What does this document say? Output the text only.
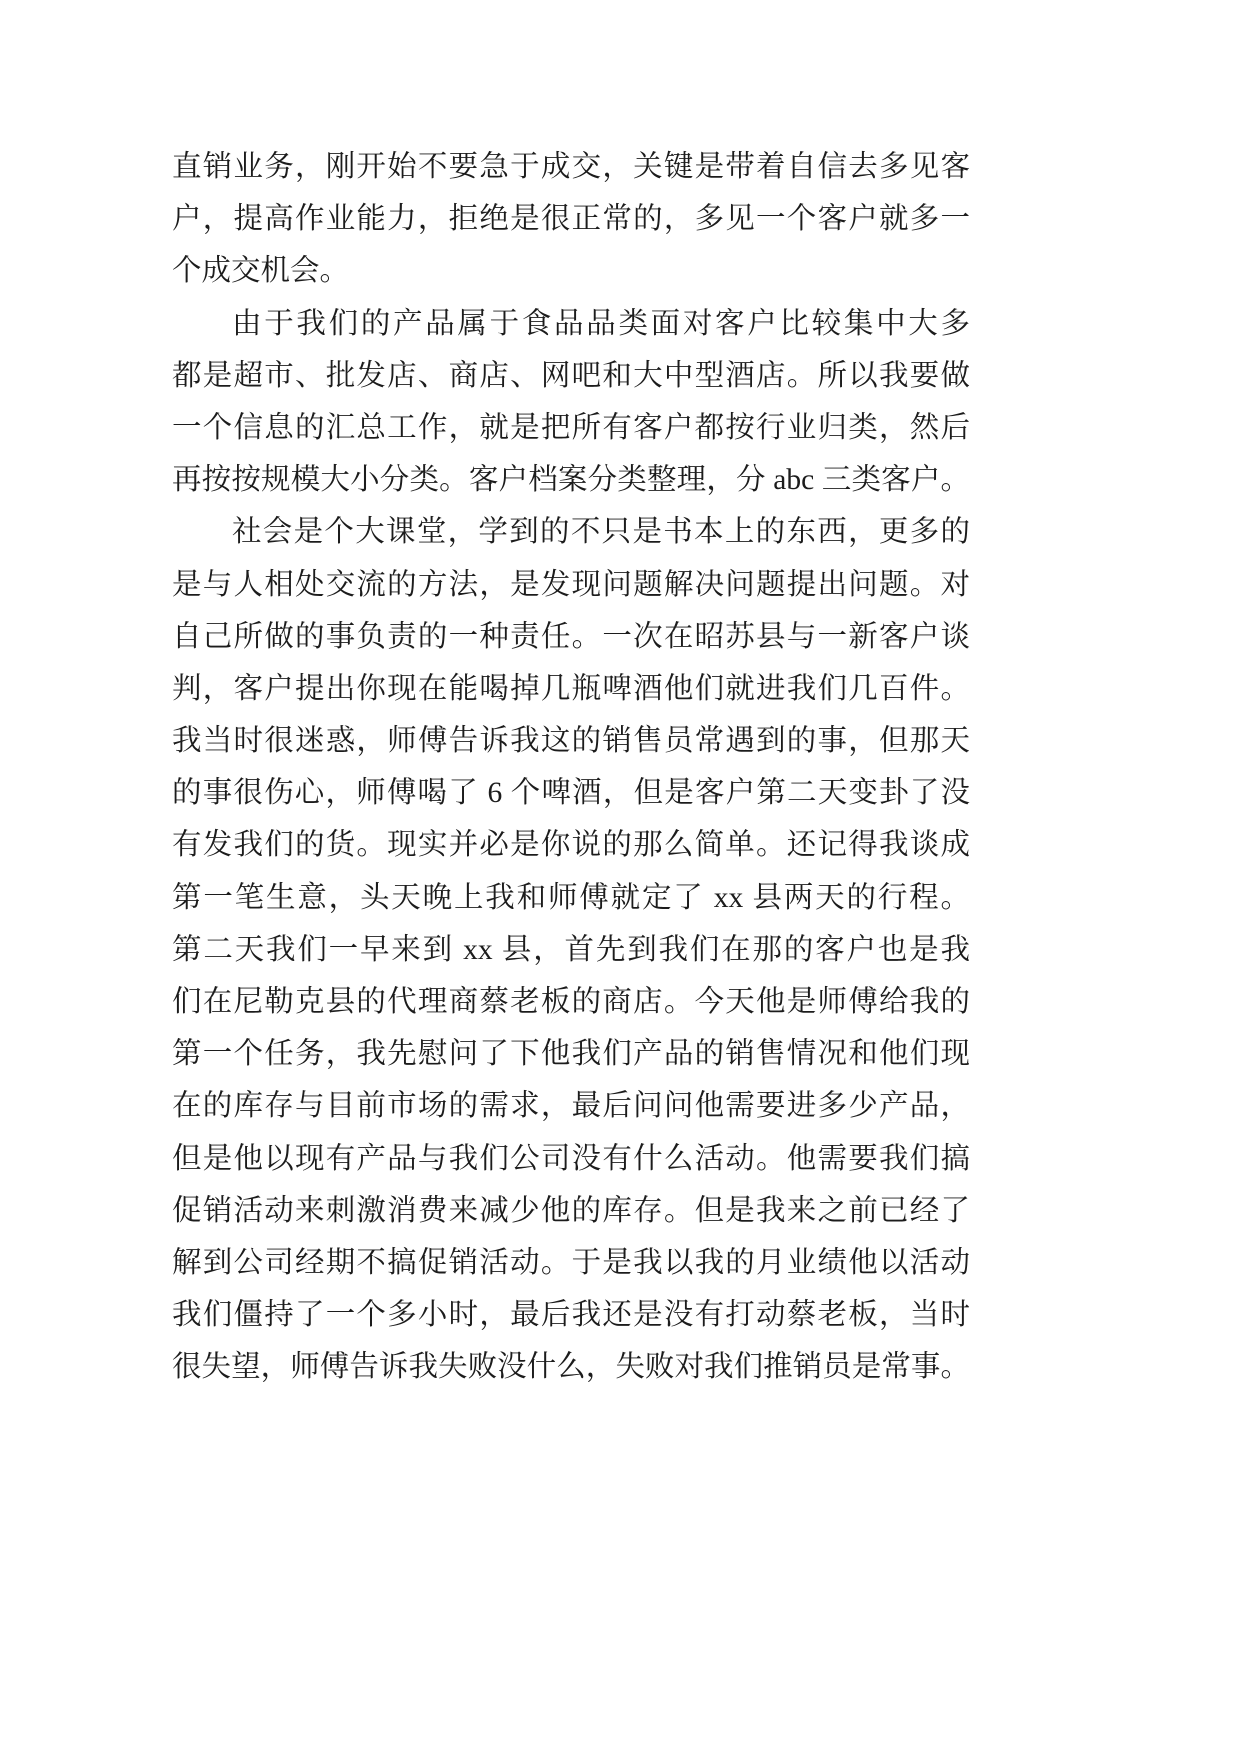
直销业务，刚开始不要急于成交，关键是带着自信去多见客
户，提高作业能力，拒绝是很正常的，多见一个客户就多一
个成交机会。
由于我们的产品属于食品品类面对客户比较集中大多
都是超市、批发店、商店、网吧和大中型酒店。所以我要做
一个信息的汇总工作，就是把所有客户都按行业归类，然后
再按按规模大小分类。客户档案分类整理，分 abc 三类客户。
社会是个大课堂，学到的不只是书本上的东西，更多的
是与人相处交流的方法，是发现问题解决问题提出问题。对
自己所做的事负责的一种责任。一次在昭苏县与一新客户谈
判，客户提出你现在能喝掉几瓶啤酒他们就进我们几百件。
我当时很迷惑，师傅告诉我这的销售员常遇到的事，但那天
的事很伤心，师傅喝了 6 个啤酒，但是客户第二天变卦了没
有发我们的货。现实并必是你说的那么简单。还记得我谈成
第一笔生意，头天晚上我和师傅就定了 xx 县两天的行程。
第二天我们一早来到 xx 县，首先到我们在那的客户也是我
们在尼勒克县的代理商蔡老板的商店。今天他是师傅给我的
第一个任务，我先慰问了下他我们产品的销售情况和他们现
在的库存与目前市场的需求，最后问问他需要进多少产品，
但是他以现有产品与我们公司没有什么活动。他需要我们搞
促销活动来刺激消费来减少他的库存。但是我来之前已经了
解到公司经期不搞促销活动。于是我以我的月业绩他以活动
我们僵持了一个多小时，最后我还是没有打动蔡老板，当时
很失望，师傅告诉我失败没什么，失败对我们推销员是常事。
